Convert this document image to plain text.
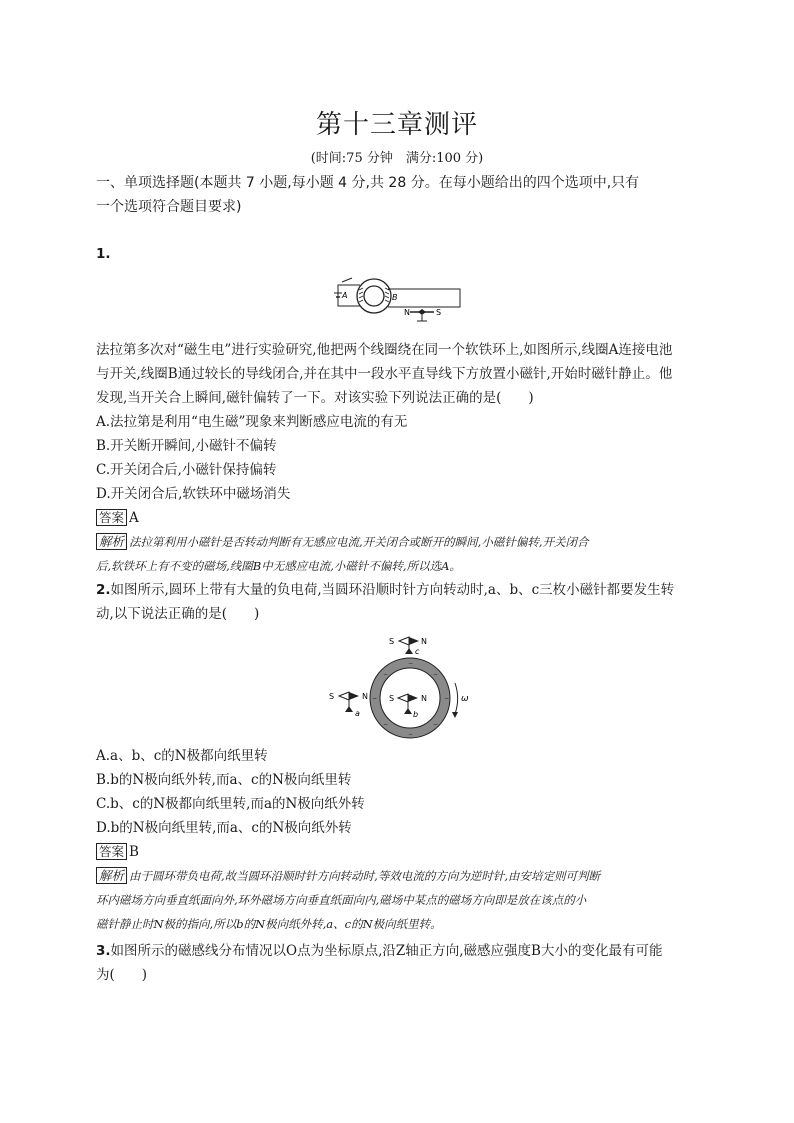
第十三章测评
(时间:75 分钟　满分:100 分)
一、单项选择题(本题共 7 小题,每小题 4 分,共 28 分。在每小题给出的四个选项中,只有
一个选项符合题目要求)
1.
A	B
N	S
法拉第多次对“磁生电”进行实验研究,他把两个线圈绕在同一个软铁环上,如图所示,线圈A连接电池
与开关,线圈B通过较长的导线闭合,并在其中一段水平直导线下方放置小磁针,开始时磁针静止。他
发现,当开关合上瞬间,磁针偏转了一下。对该实验下列说法正确的是(　　)
A.法拉第是利用“电生磁”现象来判断感应电流的有无
B.开关断开瞬间,小磁针不偏转
C.开关闭合后,小磁针保持偏转
D.开关闭合后,软铁环中磁场消失
答案 A
解析 法拉第利用小磁针是否转动判断有无感应电流,开关闭合或断开的瞬间,小磁针偏转,开关闭合
后,软铁环上有不变的磁场,线圈B中无感应电流,小磁针不偏转,所以选A。
2.如图所示,圆环上带有大量的负电荷,当圆环沿顺时针方向转动时,a、b、c三枚小磁针都要发生转
动,以下说法正确的是(　　)
−
−
−	−
−	−
−	−
S	N
c
S	N
a
S	N
b
ω
A.a、b、c的N极都向纸里转
B.b的N极向纸外转,而a、c的N极向纸里转
C.b、c的N极都向纸里转,而a的N极向纸外转
D.b的N极向纸里转,而a、c的N极向纸外转
答案 B
解析 由于圆环带负电荷,故当圆环沿顺时针方向转动时,等效电流的方向为逆时针,由安培定则可判断
环内磁场方向垂直纸面向外,环外磁场方向垂直纸面向内,磁场中某点的磁场方向即是放在该点的小
磁针静止时N极的指向,所以b的N极向纸外转,a、c的N极向纸里转。
3.如图所示的磁感线分布情况以O点为坐标原点,沿Z轴正方向,磁感应强度B大小的变化最有可能
为(　　)
